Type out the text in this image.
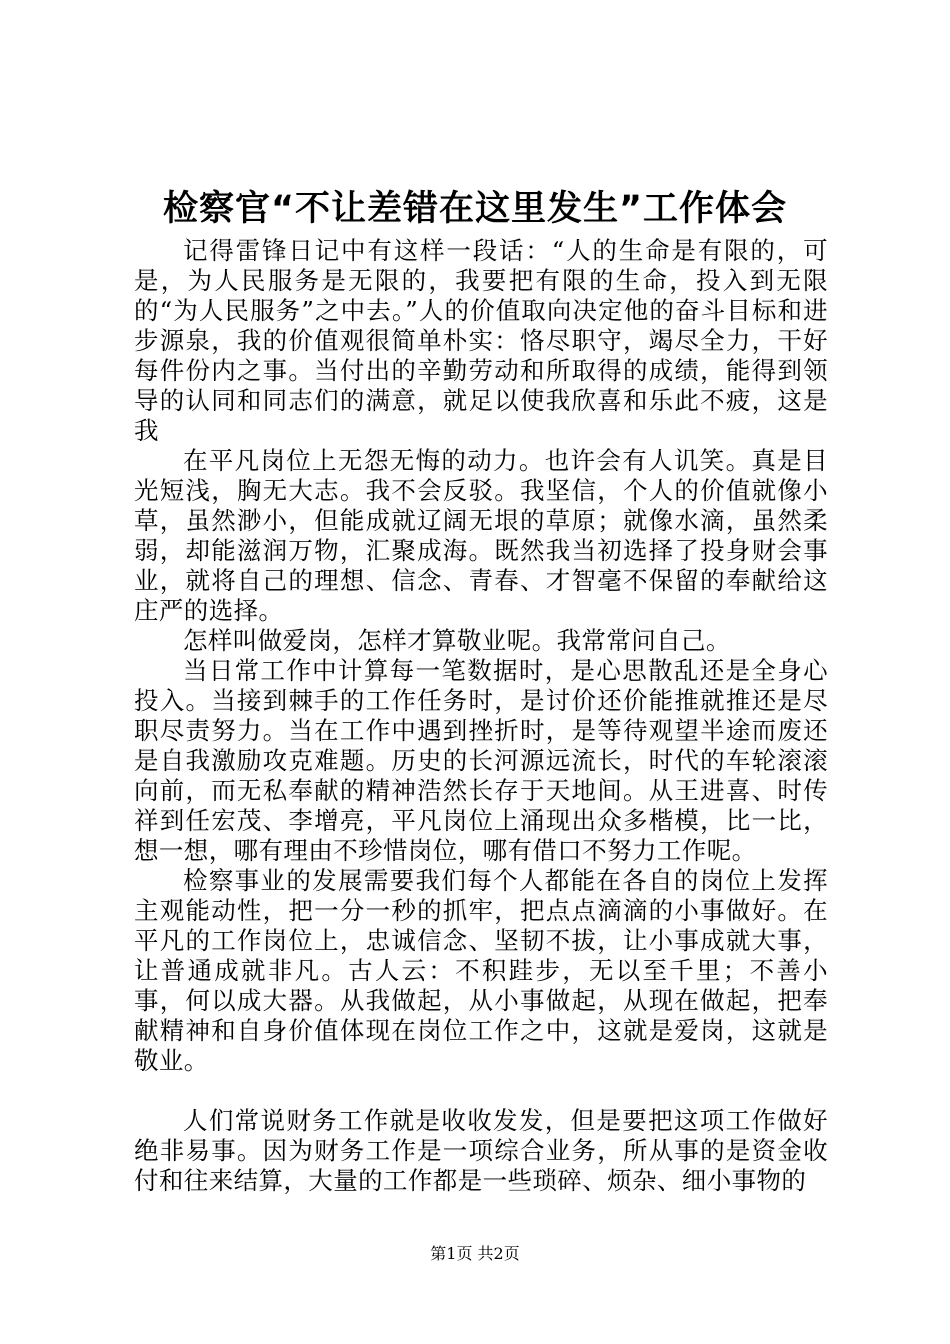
检察官“不让差错在这里发生”工作体会

记得雷锋日记中有这样一段话：“人的生命是有限的，可是，为人民服务是无限的，我要把有限的生命，投入到无限的“为人民服务”之中去。”人的价值取向决定他的奋斗目标和进步源泉，我的价值观很简单朴实：恪尽职守，竭尽全力，干好每件份内之事。当付出的辛勤劳动和所取得的成绩，能得到领导的认同和同志们的满意，就足以使我欣喜和乐此不疲，这是我

在平凡岗位上无怨无悔的动力。也许会有人讥笑。真是目光短浅，胸无大志。我不会反驳。我坚信，个人的价值就像小草，虽然渺小，但能成就辽阔无垠的草原；就像水滴，虽然柔弱，却能滋润万物，汇聚成海。既然我当初选择了投身财会事业，就将自己的理想、信念、青春、才智毫不保留的奉献给这庄严的选择。

怎样叫做爱岗，怎样才算敬业呢。我常常问自己。

当日常工作中计算每一笔数据时，是心思散乱还是全身心投入。当接到棘手的工作任务时，是讨价还价能推就推还是尽职尽责努力。当在工作中遇到挫折时，是等待观望半途而废还是自我激励攻克难题。历史的长河源远流长，时代的车轮滚滚向前，而无私奉献的精神浩然长存于天地间。从王进喜、时传祥到任宏茂、李增亮，平凡岗位上涌现出众多楷模，比一比，想一想，哪有理由不珍惜岗位，哪有借口不努力工作呢。

检察事业的发展需要我们每个人都能在各自的岗位上发挥主观能动性，把一分一秒的抓牢，把点点滴滴的小事做好。在平凡的工作岗位上，忠诚信念、坚韧不拔，让小事成就大事，让普通成就非凡。古人云：不积跬步，无以至千里；不善小事，何以成大器。从我做起，从小事做起，从现在做起，把奉献精神和自身价值体现在岗位工作之中，这就是爱岗，这就是敬业。

人们常说财务工作就是收收发发，但是要把这项工作做好绝非易事。因为财务工作是一项综合业务，所从事的是资金收付和往来结算，大量的工作都是一些琐碎、烦杂、细小事物的

第1页 共2页
